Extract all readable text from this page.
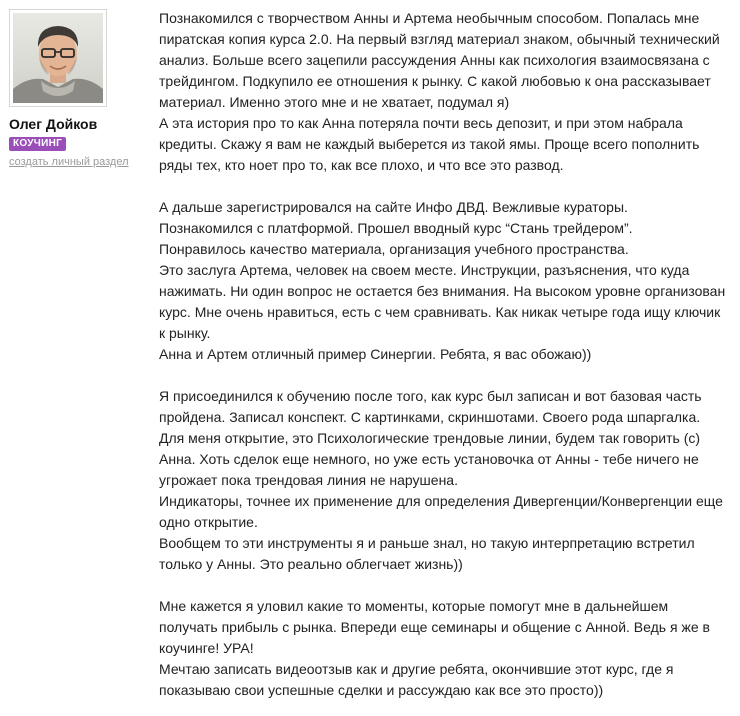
Олег Дойков
КОУЧИНГ
создать личный раздел

Познакомился с творчеством Анны и Артема необычным способом. Попалась мне пиратская копия курса 2.0. На первый взгляд материал знаком, обычный технический анализ. Больше всего зацепили рассуждения Анны как психология взаимосвязана с трейдингом. Подкупило ее отношения к рынку. С какой любовью к она рассказывает материал. Именно этого мне и не хватает, подумал я)
А эта история про то как Анна потеряла почти весь депозит, и при этом набрала кредиты. Скажу я вам не каждый выберется из такой ямы. Проще всего пополнить ряды тех, кто ноет про то, как все плохо, и что все это развод.

А дальше зарегистрировался на сайте Инфо ДВД. Вежливые кураторы.
Познакомился с платформой. Прошел вводный курс “Стань трейдером”.
Понравилось качество материала, организация учебного пространства.
Это заслуга Артема, человек на своем месте. Инструкции, разъяснения, что куда нажимать. Ни один вопрос не остается без внимания. На высоком уровне организован курс. Мне очень нравиться, есть с чем сравнивать. Как никак четыре года ищу ключик к рынку.
Анна и Артем отличный пример Синергии. Ребята, я вас обожаю))

Я присоединился к обучению после того, как курс был записан и вот базовая часть пройдена. Записал конспект. С картинками, скриншотами. Своего рода шпаргалка.
Для меня открытие, это Психологические трендовые линии, будем так говорить (с) Анна. Хоть сделок еще немного, но уже есть установочка от Анны - тебе ничего не угрожает пока трендовая линия не нарушена.
Индикаторы, точнее их применение для определения Дивергенции/Конвергенции еще одно открытие.
Вообщем то эти инструменты я и раньше знал, но такую интерпретацию встретил только у Анны. Это реально облегчает жизнь))

Мне кажется я уловил какие то моменты, которые помогут мне в дальнейшем получать прибыль с рынка. Впереди еще семинары и общение с Анной. Ведь я же в коучинге! УРА!
Мечтаю записать видеоотзыв как и другие ребята, окончившие этот курс, где я показываю свои успешные сделки и рассуждаю как все это просто))
